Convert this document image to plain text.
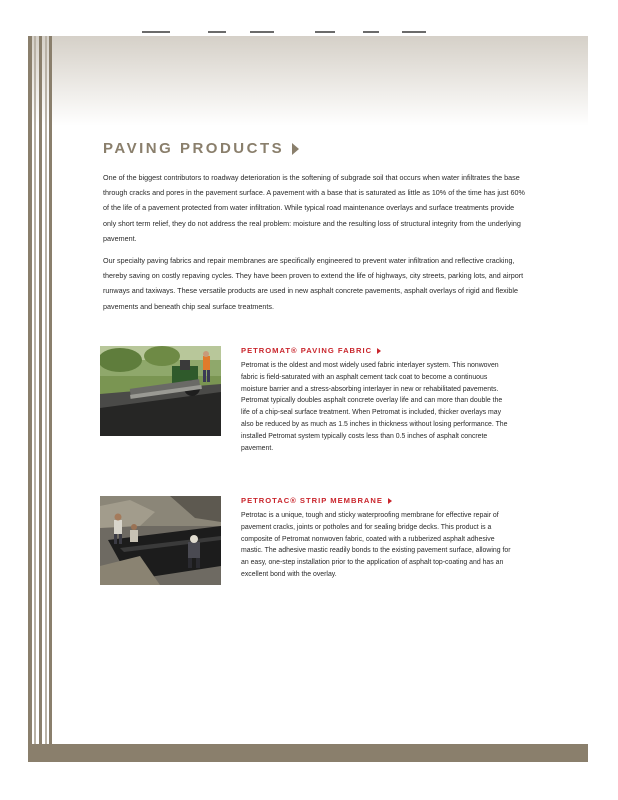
PAVING PRODUCTS

One of the biggest contributors to roadway deterioration is the softening of subgrade soil that occurs when water infiltrates the base through cracks and pores in the pavement surface. A pavement with a base that is saturated as little as 10% of the time has just 60% of the life of a pavement protected from water infiltration. While typical road maintenance overlays and surface treatments provide only short term relief, they do not address the real problem: moisture and the resulting loss of structural integrity from the underlying pavement.

Our specialty paving fabrics and repair membranes are specifically engineered to prevent water infiltration and reflective cracking, thereby saving on costly repaving cycles. They have been proven to extend the life of highways, city streets, parking lots, and airport runways and taxiways. These versatile products are used in new asphalt concrete pavements, asphalt overlays of rigid and flexible pavements and beneath chip seal surface treatments.

PETROMAT® PAVING FABRIC

Petromat is the oldest and most widely used fabric interlayer system. This nonwoven fabric is field-saturated with an asphalt cement tack coat to become a continuous moisture barrier and a stress-absorbing interlayer in new or rehabilitated pavements. Petromat typically doubles asphalt concrete overlay life and can more than double the life of a chip-seal surface treatment. When Petromat is included, thicker overlays may also be reduced by as much as 1.5 inches in thickness without losing performance. The installed Petromat system typically costs less than 0.5 inches of asphalt concrete pavement.

PETROTAC® STRIP MEMBRANE

Petrotac is a unique, tough and sticky waterproofing membrane for effective repair of pavement cracks, joints or potholes and for sealing bridge decks. This product is a composite of Petromat nonwoven fabric, coated with a rubberized asphalt adhesive mastic. The adhesive mastic readily bonds to the existing pavement surface, allowing for an easy, one-step installation prior to the application of asphalt top-coating and has an excellent bond with the overlay.
